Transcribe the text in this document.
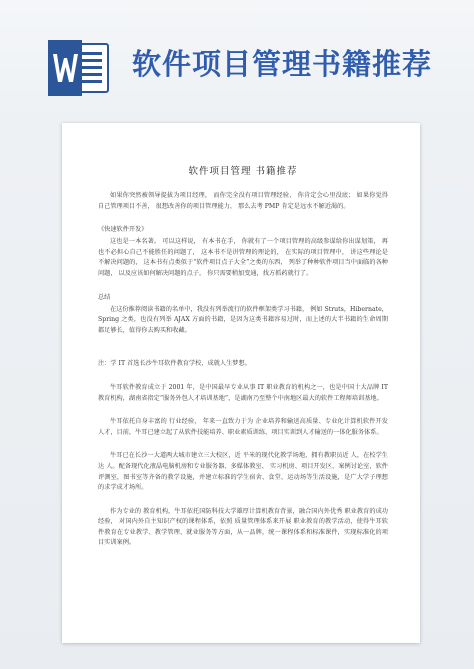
软件项目管理书籍推荐
软件项目管理 书籍推荐

如果你突然被领导提拔为项目经理， 而你完全没有项目管理经验， 你肯定会心里没底； 如果你觉得自己管理项目不善， 很想改善你的项目管理能力， 那么去考 PMP 肯定是远水不解近渴的。

《快速软件开发》

这也是一本名著。 可以这样说， 有本书在手， 你就有了一个项目管理的高级参谋给你出谋划策， 再也不必担心自己不能胜任的问题了， 这本书不是讲管理的理论的， 在实际的项目管理中， 讲这些理论是不解决问题的， 这本书有点类似于“软件项目点子大全”之类的东西， 列举了种种软件项目当中面临的各种问题， 以及应该如何解决问题的点子， 你只需要稍加变通，找方抓药就行了。

总结

在这份推荐阅读书籍的名单中，我没有列举流行的软件框架类学习书籍， 例如 Struts，Hibernate，Spring 之类，也没有列举 AJAX 方面的书籍，是因为这类书籍容易过时，而上述的大半书籍的生命周期都足够长，值得你去购买和收藏。

注：学 IT 首选长沙牛耳软件教育学校，成就人生梦想。

牛耳软件教育成立于 2001 年，是中国最早专业从事 IT 职业教育的机构之一，也是中国十大品牌 IT 教育机构，湖南省指定“服务外包人才培训基地”，是湖南乃至整个中南地区最大的软件工程师培训基地。

牛耳依托自身丰富的 行业经验， 年来一直致力于为 企业培养和输送高质量、专业化计算机软件开发人才，目前，牛耳已建立起了从软件技能培养、职业素质训练、项目实训到人才输送的一体化服务体系。

牛耳已在长沙一大道两大城市建立三大校区，近 平米的现代化教学场地，拥有教职员近 人，在校学生达 人。配备现代化液晶电脑机房和专业服务器、多媒体教室、 实习机房、项目开发区、案例讨论室，软件评测室，图书室等齐备的教学设施，并建立标准的学生宿舍、食堂、运动场等生活设施，是广大学子理想的求学成才场所。

作为专业的 教育机构，牛耳依托国防科技大学雄厚计算机教育背景，融合国内外优秀 职业教育的成功经验， 对国内外自主知识产权的课程体系，依照 质量管理体系来开展 职业教育的教学活动，使得牛耳软件教育在专业教学、教学管理、就业服务等方面，从一品牌，统一课程体系和标准课件，实现标准化的项目实训案例。
